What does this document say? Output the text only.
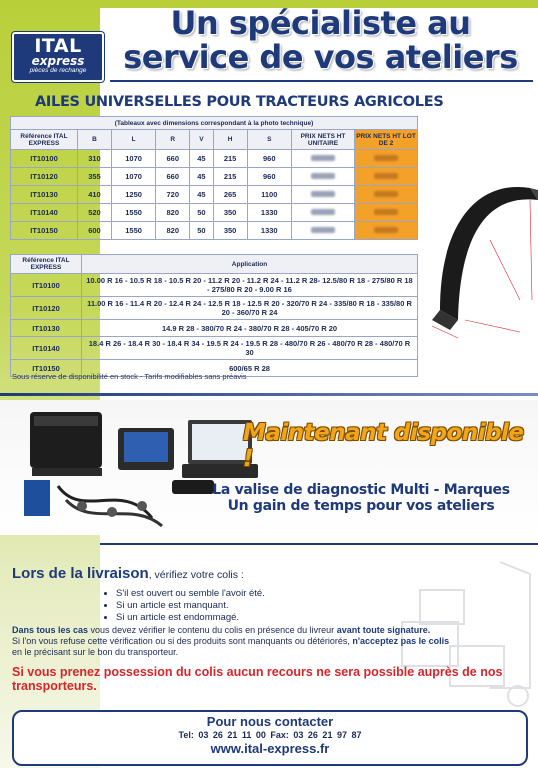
ITAL
express
pièces de rechange
Un spécialiste au
service de vos ateliers
AILES UNIVERSELLES POUR TRACTEURS AGRICOLES
(Tableaux avec dimensions correspondant à la photo technique)								
Référence ITAL EXPRESS	B	L	R	V	H	S	PRIX NETS HT UNITAIRE	PRIX NETS HT LOT DE 2
IT10100	310	1070	660	45	215	960		
IT10120	355	1070	660	45	215	960		
IT10130	410	1250	720	45	265	1100		
IT10140	520	1550	820	50	350	1330		
IT10150	600	1550	820	50	350	1330		
Référence ITAL EXPRESS	Application
IT10100	10.00 R 16 - 10.5 R 18 - 10.5 R 20 - 11.2 R 20 - 11.2 R 24 - 11.2 R 28- 12.5/80 R 18 - 275/80 R 18 - 275/80 R 20 - 9.00 R 16
IT10120	11.00 R 16 - 11.4 R 20 - 12.4 R 24 - 12.5 R 18 - 12.5 R 20 - 320/70 R 24 - 335/80 R 18 - 335/80 R 20 - 360/70 R 24
IT10130	14.9 R 28 - 380/70 R 24 - 380/70 R 28 - 405/70 R 20
IT10140	18.4 R 26 - 18.4 R 30 - 18.4 R 34 - 19.5 R 24 - 19.5 R 28 - 480/70 R 26 - 480/70 R 28 - 480/70 R 30
IT10150	600/65 R 28
Sous réserve de disponibilité en stock - Tarifs modifiables sans préavis
Maintenant disponible !
La valise de diagnostic Multi - Marques
Un gain de temps pour vos ateliers
Lors de la livraison, vérifiez votre colis :
• S'il est ouvert ou semble l'avoir été.
• Si un article est manquant.
• Si un article est endommagé.
Dans tous les cas vous devez vérifier le contenu du colis en présence du livreur avant toute signature.
Si l'on vous refuse cette vérification ou si des produits sont manquants ou détériorés, n'acceptez pas le colis
en le précisant sur le bon du transporteur.
Si vous prenez possession du colis aucun recours ne sera possible auprès de nos transporteurs.
Pour nous contacter
Tel: 03 26 21 11 00 Fax: 03 26 21 97 87
www.ital-express.fr
